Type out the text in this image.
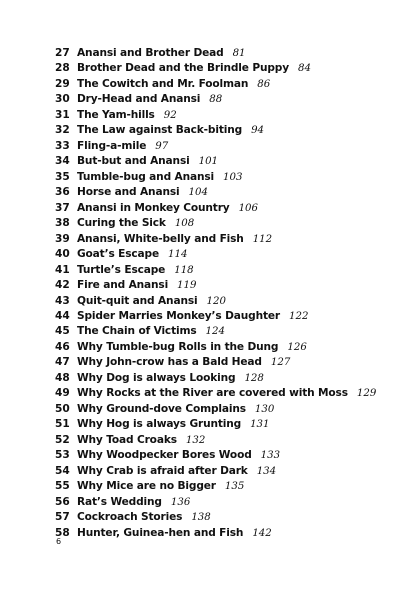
27 Anansi and Brother Dead 81
28 Brother Dead and the Brindle Puppy 84
29 The Cowitch and Mr. Foolman 86
30 Dry-Head and Anansi 88
31 The Yam-hills 92
32 The Law against Back-biting 94
33 Fling-a-mile 97
34 But-but and Anansi 101
35 Tumble-bug and Anansi 103
36 Horse and Anansi 104
37 Anansi in Monkey Country 106
38 Curing the Sick 108
39 Anansi, White-belly and Fish 112
40 Goat’s Escape 114
41 Turtle’s Escape 118
42 Fire and Anansi 119
43 Quit-quit and Anansi 120
44 Spider Marries Monkey’s Daughter 122
45 The Chain of Victims 124
46 Why Tumble-bug Rolls in the Dung 126
47 Why John-crow has a Bald Head 127
48 Why Dog is always Looking 128
49 Why Rocks at the River are covered with Moss 129
50 Why Ground-dove Complains 130
51 Why Hog is always Grunting 131
52 Why Toad Croaks 132
53 Why Woodpecker Bores Wood 133
54 Why Crab is afraid after Dark 134
55 Why Mice are no Bigger 135
56 Rat’s Wedding 136
57 Cockroach Stories 138
58 Hunter, Guinea-hen and Fish 142
6
